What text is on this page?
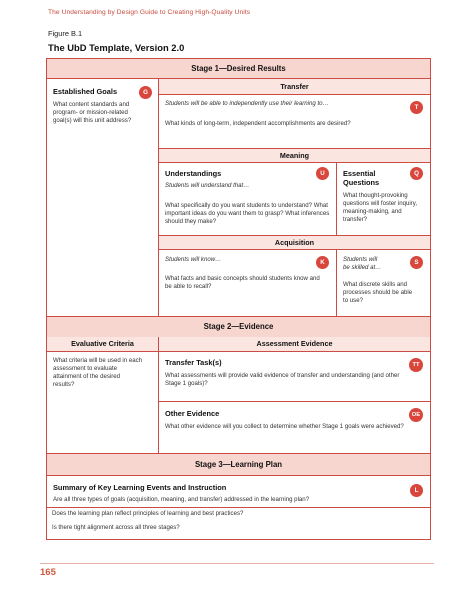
The Understanding by Design Guide to Creating High-Quality Units
Figure B.1
The UbD Template, Version 2.0
Stage 1—Desired Results
Established Goals	G
What content standards and program- or mission-related goal(s) will this unit address?
Transfer
Students will be able to independently use their learning to…
T
What kinds of long-term, independent accomplishments are desired?
Meaning
Understandings	U
Students will understand that…
What specifically do you want students to understand? What important ideas do you want them to grasp? What inferences should they make?
Essential Questions
Q
What thought-provoking questions will foster inquiry, meaning-making, and transfer?
Acquisition
Students will know…	K
What facts and basic concepts should students know and be able to recall?
Students will
be skilled at…
S
What discrete skills and processes should be able to use?
Stage 2—Evidence
Evaluative Criteria
What criteria will be used in each assessment to evaluate attainment of the desired results?
Assessment Evidence
Transfer Task(s)	TT
What assessments will provide valid evidence of transfer and understanding (and other Stage 1 goals)?
Other Evidence	OE
What other evidence will you collect to determine whether Stage 1 goals were achieved?
Stage 3—Learning Plan
Summary of Key Learning Events and Instruction	L
Are all three types of goals (acquisition, meaning, and transfer) addressed in the learning plan?
Does the learning plan reflect principles of learning and best practices?
Is there tight alignment across all three stages?
165
